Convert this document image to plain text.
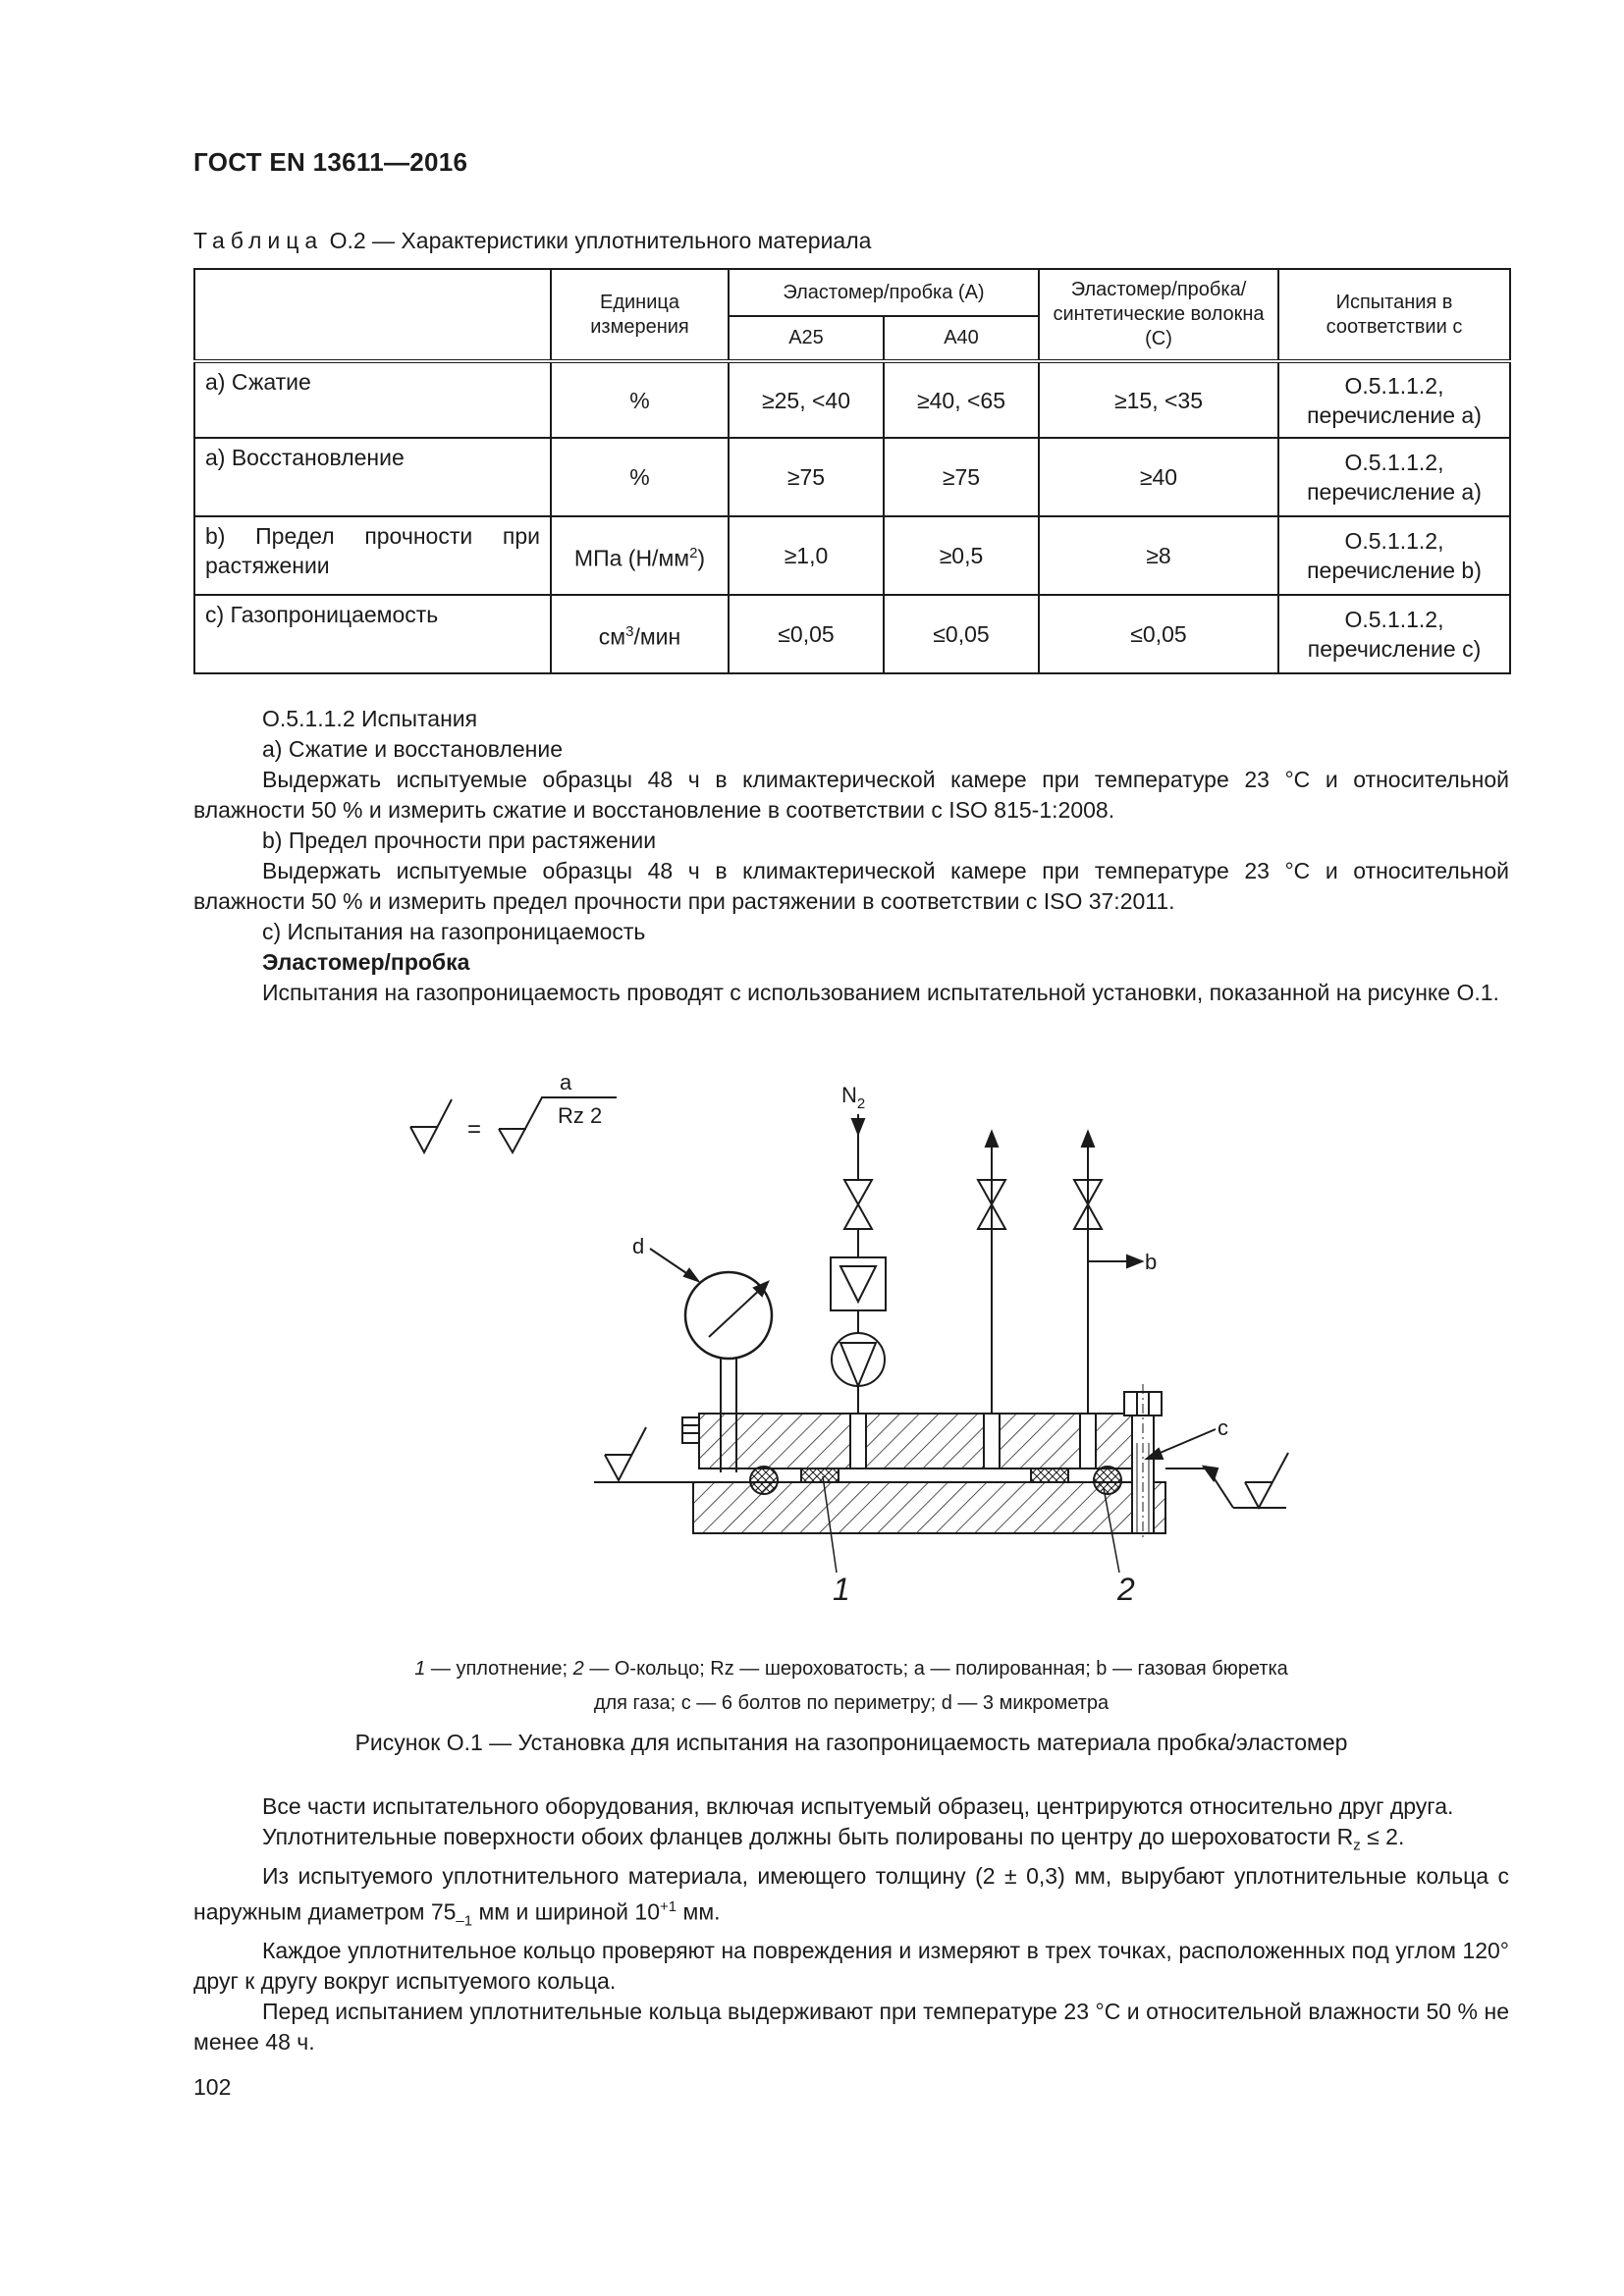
ГОСТ EN 13611—2016
Таблица О.2 — Характеристики уплотнительного материала
	Единица измерения	Эластомер/пробка (A)		Эластомер/пробка/ синтетические волокна (C)	Испытания в соответствии с
		A25	A40		
a) Сжатие	%	≥25, <40	≥40, <65	≥15, <35	О.5.1.1.2, перечисление а)
a) Восстановление	%	≥75	≥75	≥40	О.5.1.1.2, перечисление а)
b) Предел прочности при растяжении	МПа $(Н/мм^2)$	≥1,0	≥0,5	≥8	О.5.1.1.2, перечисление b)
c) Газопроницаемость	$см^3$/мин	≤0,05	≤0,05	≤0,05	О.5.1.1.2, перечисление с)

О.5.1.1.2 Испытания

a) Сжатие и восстановление

Выдержать испытуемые образцы 48 ч в климактерической камере при температуре 23 °C и относительной влажности 50 % и измерить сжатие и восстановление в соответствии с ISO 815-1:2008.

b) Предел прочности при растяжении

Выдержать испытуемые образцы 48 ч в климактерической камере при температуре 23 °C и относительной влажности 50 % и измерить предел прочности при растяжении в соответствии с ISO 37:2011.

с) Испытания на газопроницаемость

Эластомер/пробка

Испытания на газопроницаемость проводят с использованием испытательной установки, показанной на рисунке О.1.

=
a
Rz 2
$N_2$
b
d
c
1	2
1 — уплотнение; 2 — О-кольцо; Rz — шероховатость; а — полированная; b — газовая бюретка
для газа; с — 6 болтов по периметру; d — 3 микрометра
Рисунок О.1 — Установка для испытания на газопроницаемость материала пробка/эластомер

Все части испытательного оборудования, включая испытуемый образец, центрируются относительно друг друга.

Уплотнительные поверхности обоих фланцев должны быть полированы по центру до шероховатости $R_z \le 2$.

Из испытуемого уплотнительного материала, имеющего толщину (2 ± 0,3) мм, вырубают уплотнительные кольца с наружным диаметром $75_{-1}$ мм и шириной $10^{+1}$ мм.

Каждое уплотнительное кольцо проверяют на повреждения и измеряют в трех точках, расположенных под углом 120° друг к другу вокруг испытуемого кольца.

Перед испытанием уплотнительные кольца выдерживают при температуре 23 °C и относительной влажности 50 % не менее 48 ч.

102
